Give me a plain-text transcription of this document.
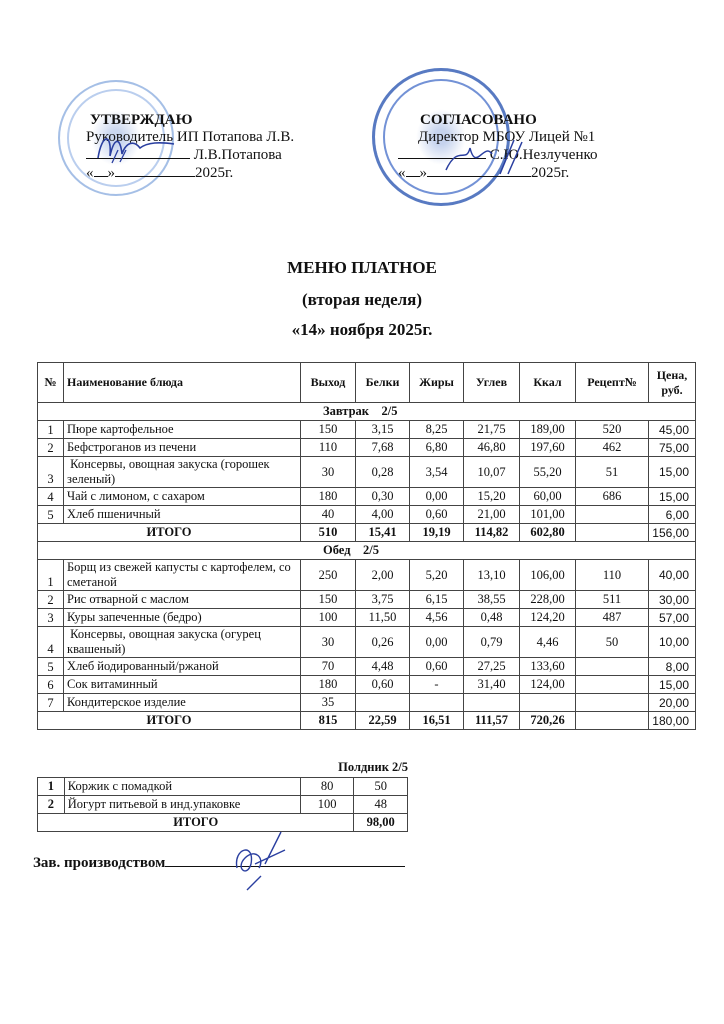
УТВЕРЖДАЮ
Руководитель ИП Потапова Л.В.
Л.В.Потапова
« »	2025г.
СОГЛАСОВАНО
Директор МБОУ Лицей №1
С.Ю.Незлученко
« »	2025г.
МЕНЮ ПЛАТНОЕ
(вторая неделя)
«14» ноября 2025г.
№	Наименование блюда	Выход	Белки	Жиры	Углев	Ккал	Рецепт№	Цена, руб.
Завтрак    2/5								
1	Пюре картофельное	150	3,15	8,25	21,75	189,00	520	45,00
2	Бефстроганов из печени	110	7,68	6,80	46,80	197,60	462	75,00
3	Консервы, овощная закуска (горошек зеленый)	30	0,28	3,54	10,07	55,20	51	15,00
4	Чай с лимоном, с сахаром	180	0,30	0,00	15,20	60,00	686	15,00
5	Хлеб пшеничный	40	4,00	0,60	21,00	101,00		6,00
ИТОГО		510	15,41	19,19	114,82	602,80		156,00
Обед    2/5								
1	Борщ из свежей капусты с картофелем, со сметаной	250	2,00	5,20	13,10	106,00	110	40,00
2	Рис отварной с маслом	150	3,75	6,15	38,55	228,00	511	30,00
3	Куры запеченные (бедро)	100	11,50	4,56	0,48	124,20	487	57,00
4	Консервы, овощная закуска (огурец квашеный)	30	0,26	0,00	0,79	4,46	50	10,00
5	Хлеб йодированный/ржаной	70	4,48	0,60	27,25	133,60		8,00
6	Сок витаминный	180	0,60	-	31,40	124,00		15,00
7	Кондитерское изделие	35						20,00
ИТОГО		815	22,59	16,51	111,57	720,26		180,00
Полдник 2/5
1	Коржик с помадкой	80	50
2	Йогурт питьевой в инд.упаковке	100	48
ИТОГО			98,00
Зав. производством
